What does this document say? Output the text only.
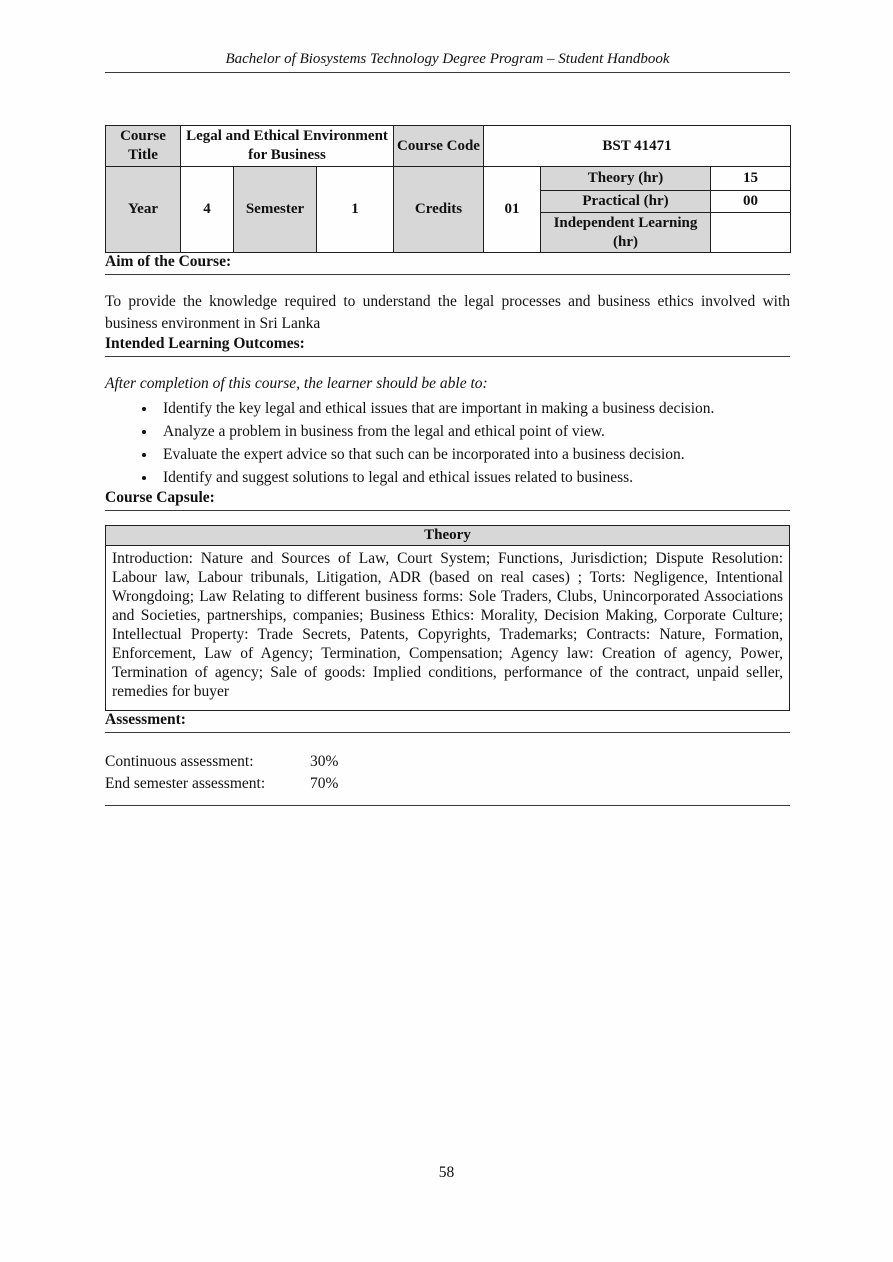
Bachelor of Biosystems Technology Degree Program – Student Handbook
Course Title	Legal and Ethical Environment for Business			Course Code	BST 41471		
Year	4	Semester	1	Credits	01	Theory (hr)	15
						Practical (hr)	00
						Independent Learning (hr)	
Aim of the Course:

To provide the knowledge required to understand the legal processes and business ethics involved with business environment in Sri Lanka

Intended Learning Outcomes:

After completion of this course, the learner should be able to:

• Identify the key legal and ethical issues that are important in making a business decision.
• Analyze a problem in business from the legal and ethical point of view.
• Evaluate the expert advice so that such can be incorporated into a business decision.
• Identify and suggest solutions to legal and ethical issues related to business.
Course Capsule:
Theory
Introduction: Nature and Sources of Law, Court System; Functions, Jurisdiction; Dispute Resolution: Labour law, Labour tribunals, Litigation, ADR (based on real cases) ; Torts: Negligence, Intentional Wrongdoing; Law Relating to different business forms: Sole Traders, Clubs, Unincorporated Associations and Societies, partnerships, companies; Business Ethics: Morality, Decision Making, Corporate Culture; Intellectual Property: Trade Secrets, Patents, Copyrights, Trademarks; Contracts: Nature, Formation, Enforcement, Law of Agency; Termination, Compensation; Agency law: Creation of agency, Power, Termination of agency; Sale of goods: Implied conditions, performance of the contract, unpaid seller, remedies for buyer
Assessment:
Continuous assessment:	30%
End semester assessment:	70%
58
